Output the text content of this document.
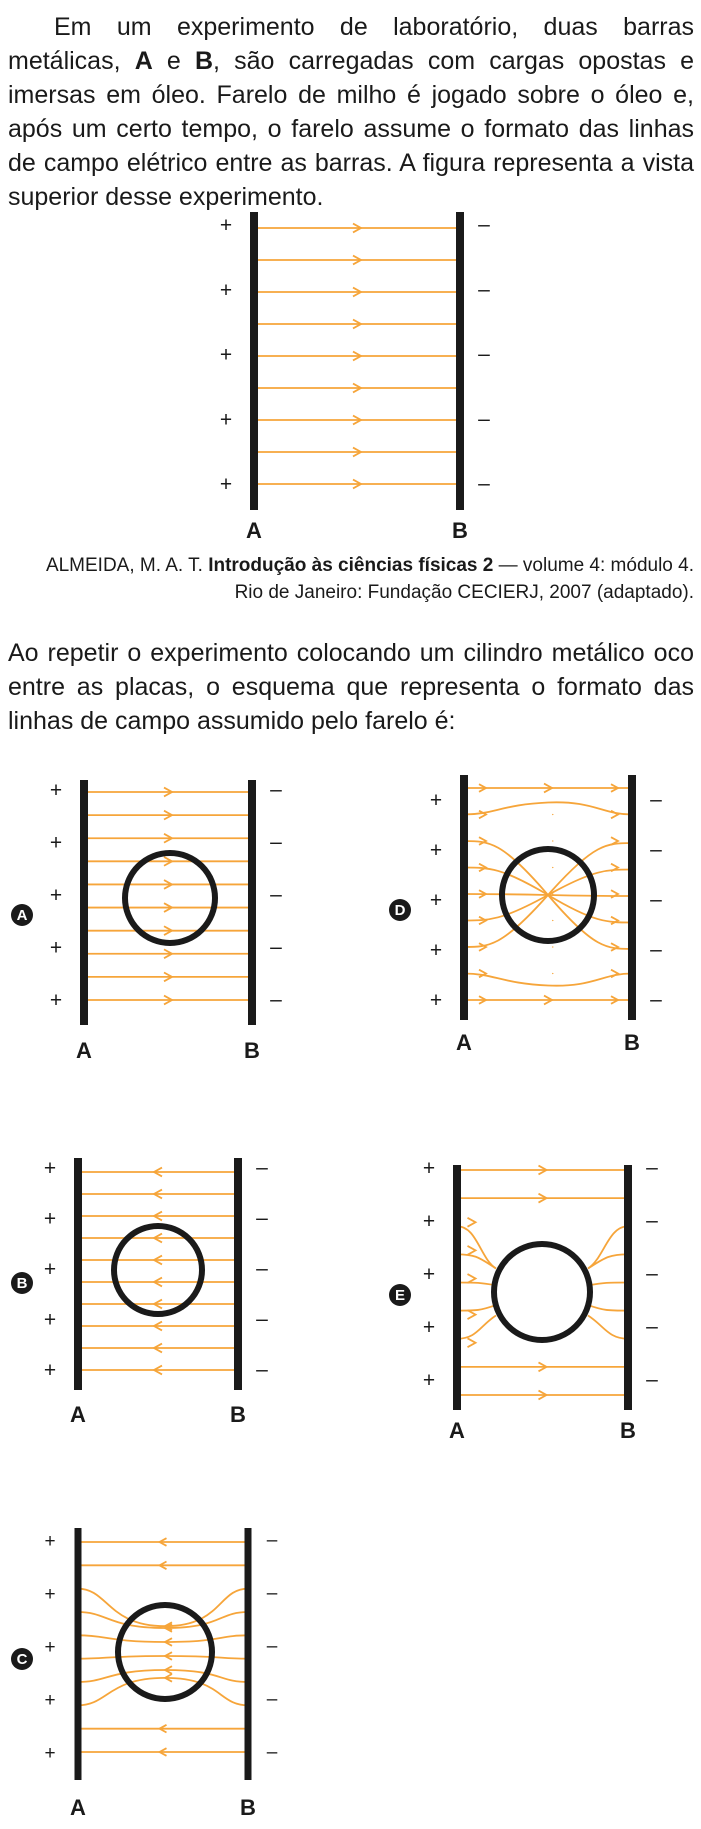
Em um experimento de laboratório, duas barras metálicas, A e B, são carregadas com cargas opostas e imersas em óleo. Farelo de milho é jogado sobre o óleo e, após um certo tempo, o farelo assume o formato das linhas de campo elétrico entre as barras. A figura representa a vista superior desse experimento.

ALMEIDA, M. A. T. Introdução às ciências físicas 2 — volume 4: módulo 4. Rio de Janeiro: Fundação CECIERJ, 2007 (adaptado).

Ao repetir o experimento colocando um cilindro metálico oco entre as placas, o esquema que representa o formato das linhas de campo assumido pelo farelo é:

+	–
+	–
+	–
+	–
+	–
A	B
+	–
+	–
+	–
+	–
+	–
A	B
A
+	–
+	–
+	–
+	–
+	–
A	B
B
+	–
+	–
+	–
+	–
+	–
A	B
C
+	–
+	–
+	–
+	–
+	–
A	B
D
+	–
+	–
+	–
+	–
+	–
A	B
E
